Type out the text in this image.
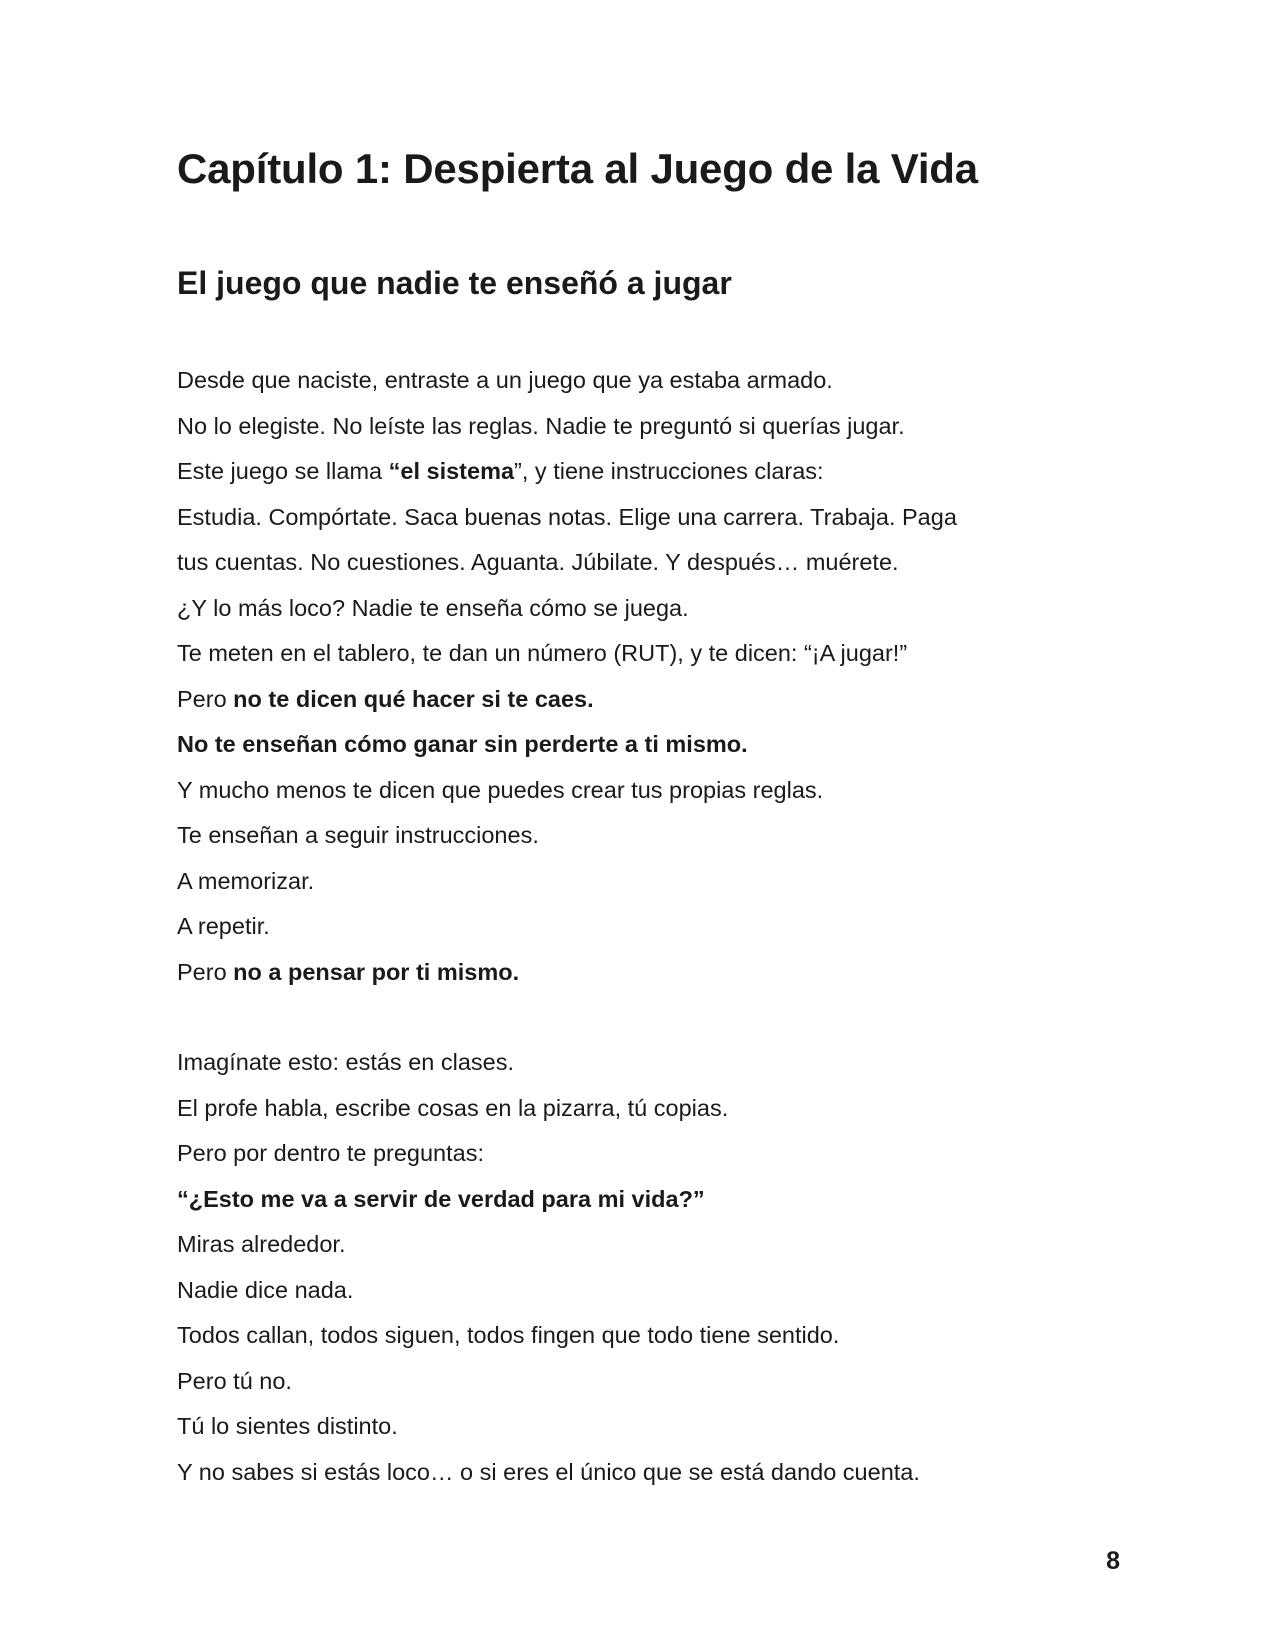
Capítulo 1: Despierta al Juego de la Vida
El juego que nadie te enseñó a jugar
Desde que naciste, entraste a un juego que ya estaba armado.
No lo elegiste. No leíste las reglas. Nadie te preguntó si querías jugar.
Este juego se llama “el sistema”, y tiene instrucciones claras:
Estudia. Compórtate. Saca buenas notas. Elige una carrera. Trabaja. Paga
tus cuentas. No cuestiones. Aguanta. Júbilate. Y después… muérete.
¿Y lo más loco? Nadie te enseña cómo se juega.
Te meten en el tablero, te dan un número (RUT), y te dicen: “¡A jugar!”
Pero no te dicen qué hacer si te caes.
No te enseñan cómo ganar sin perderte a ti mismo.
Y mucho menos te dicen que puedes crear tus propias reglas.
Te enseñan a seguir instrucciones.
A memorizar.
A repetir.
Pero no a pensar por ti mismo.
Imagínate esto: estás en clases.
El profe habla, escribe cosas en la pizarra, tú copias.
Pero por dentro te preguntas:
“¿Esto me va a servir de verdad para mi vida?”
Miras alrededor.
Nadie dice nada.
Todos callan, todos siguen, todos fingen que todo tiene sentido.
Pero tú no.
Tú lo sientes distinto.
Y no sabes si estás loco… o si eres el único que se está dando cuenta.
8
